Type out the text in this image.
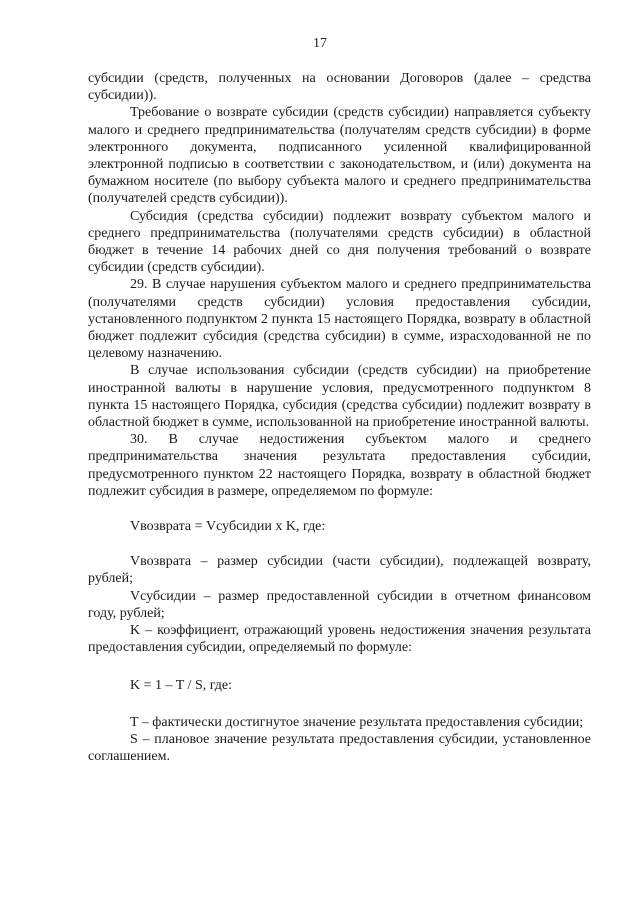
17

субсидии (средств, полученных на основании Договоров (далее – средства субсидии)).

Требование о возврате субсидии (средств субсидии) направляется субъекту малого и среднего предпринимательства (получателям средств субсидии) в форме электронного документа, подписанного усиленной квалифицированной электронной подписью в соответствии с законодательством, и (или) документа на бумажном носителе (по выбору субъекта малого и среднего предпринимательства (получателей средств субсидии)).

Субсидия (средства субсидии) подлежит возврату субъектом малого и среднего предпринимательства (получателями средств субсидии) в областной бюджет в течение 14 рабочих дней со дня получения требований о возврате субсидии (средств субсидии).

29. В случае нарушения субъектом малого и среднего предпринимательства (получателями средств субсидии) условия предоставления субсидии, установленного подпунктом 2 пункта 15 настоящего Порядка, возврату в областной бюджет подлежит субсидия (средства субсидии) в сумме, израсходованной не по целевому назначению.

В случае использования субсидии (средств субсидии) на приобретение иностранной валюты в нарушение условия, предусмотренного подпунктом 8 пункта 15 настоящего Порядка, субсидия (средства субсидии) подлежит возврату в областной бюджет в сумме, использованной на приобретение иностранной валюты.

30. В случае недостижения субъектом малого и среднего предпринимательства значения результата предоставления субсидии, предусмотренного пунктом 22 настоящего Порядка, возврату в областной бюджет подлежит субсидия в размере, определяемом по формуле:

Vвозврата = Vсубсидии x K, где:

Vвозврата – размер субсидии (части субсидии), подлежащей возврату, рублей;

Vсубсидии – размер предоставленной субсидии в отчетном финансовом году, рублей;

K – коэффициент, отражающий уровень недостижения значения результата предоставления субсидии, определяемый по формуле:

K = 1 – T / S, где:

T – фактически достигнутое значение результата предоставления субсидии;

S – плановое значение результата предоставления субсидии, установленное соглашением.
